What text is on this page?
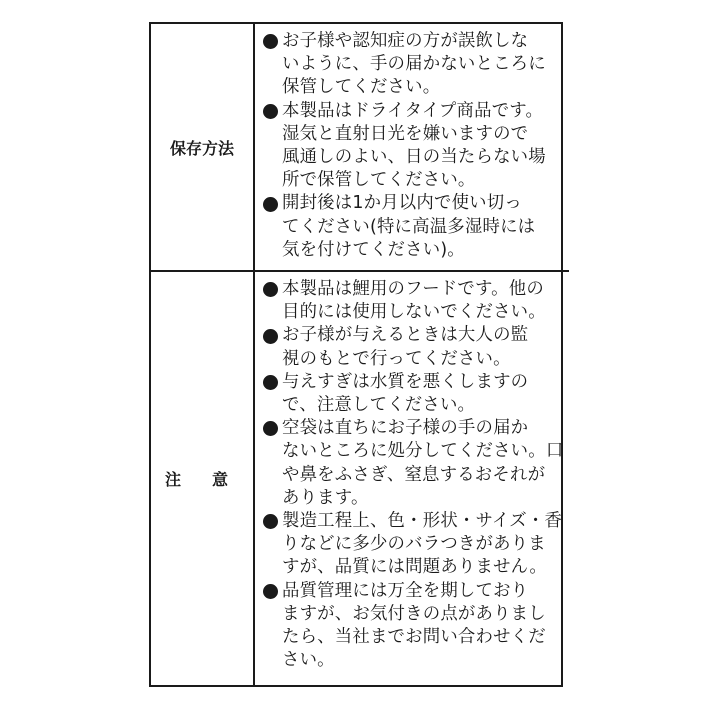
保存方法
お子様や認知症の方が誤飲しな
いように、手の届かないところに
保管してください。
本製品はドライタイプ商品です。
湿気と直射日光を嫌いますので
風通しのよい、日の当たらない場
所で保管してください。
開封後は1か月以内で使い切っ
てください(特に高温多湿時には
気を付けてください)。
注 意
本製品は鯉用のフードです。他の
目的には使用しないでください。
お子様が与えるときは大人の監
視のもとで行ってください。
与えすぎは水質を悪くしますの
で、注意してください。
空袋は直ちにお子様の手の届か
ないところに処分してください。口
や鼻をふさぎ、窒息するおそれが
あります。
製造工程上、色・形状・サイズ・香
りなどに多少のバラつきがありま
すが、品質には問題ありません。
品質管理には万全を期しており
ますが、お気付きの点がありまし
たら、当社までお問い合わせくだ
さい。
